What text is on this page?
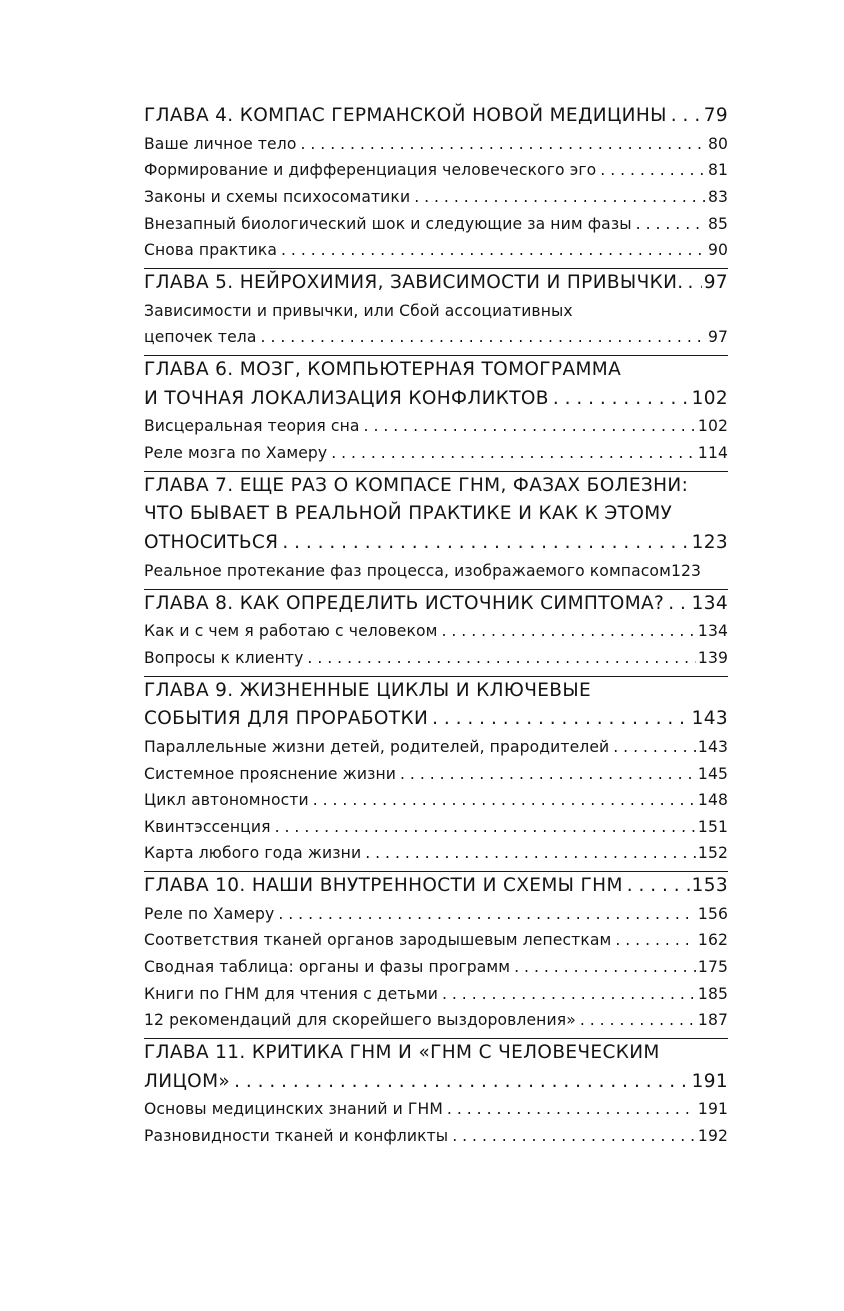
ГЛАВА 4. КОМПАС ГЕРМАНСКОЙ НОВОЙ МЕДИЦИНЫ . . . 79
Ваше личное тело . . .	80
Формирование и дифференциация человеческого эго . . .	81
Законы и схемы психосоматики . . .	83
Внезапный биологический шок и следующие за ним фазы . . .	85
Снова практика . . .	90
ГЛАВА 5. НЕЙРОХИМИЯ, ЗАВИСИМОСТИ И ПРИВЫЧКИ. . . . 97
Зависимости и привычки, или Сбой ассоциативных
цепочек тела . . .	97
ГЛАВА 6. МОЗГ, КОМПЬЮТЕРНАЯ ТОМОГРАММА
И ТОЧНАЯ ЛОКАЛИЗАЦИЯ КОНФЛИКТОВ . . .	102
Висцеральная теория сна . . .	102
Реле мозга по Хамеру . . .	114
ГЛАВА 7. ЕЩЕ РАЗ О КОМПАСЕ ГНМ, ФАЗАХ БОЛЕЗНИ:
ЧТО БЫВАЕТ В РЕАЛЬНОЙ ПРАКТИКЕ И КАК К ЭТОМУ
ОТНОСИТЬСЯ . . .	123
Реальное протекание фаз процесса, изображаемого компасом 123
ГЛАВА 8. КАК ОПРЕДЕЛИТЬ ИСТОЧНИК СИМПТОМА? . . . 134
Как и с чем я работаю с человеком . . .	134
Вопросы к клиенту . . .	139
ГЛАВА 9. ЖИЗНЕННЫЕ ЦИКЛЫ И КЛЮЧЕВЫЕ
СОБЫТИЯ ДЛЯ ПРОРАБОТКИ . . .	143
Параллельные жизни детей, родителей, прародителей . . .	143
Системное прояснение жизни . . .	145
Цикл автономности . . .	148
Квинтэссенция . . .	151
Карта любого года жизни . . .	152
ГЛАВА 10. НАШИ ВНУТРЕННОСТИ И СХЕМЫ ГНМ . . .	153
Реле по Хамеру . . .	156
Соответствия тканей органов зародышевым лепесткам . . .	162
Сводная таблица: органы и фазы программ . . .	175
Книги по ГНМ для чтения с детьми . . .	185
12 рекомендаций для скорейшего выздоровления» . . .	187
ГЛАВА 11. КРИТИКА ГНМ И «ГНМ С ЧЕЛОВЕЧЕСКИМ
ЛИЦОМ» . . .	191
Основы медицинских знаний и ГНМ . . .	191
Разновидности тканей и конфликты . . .	192
